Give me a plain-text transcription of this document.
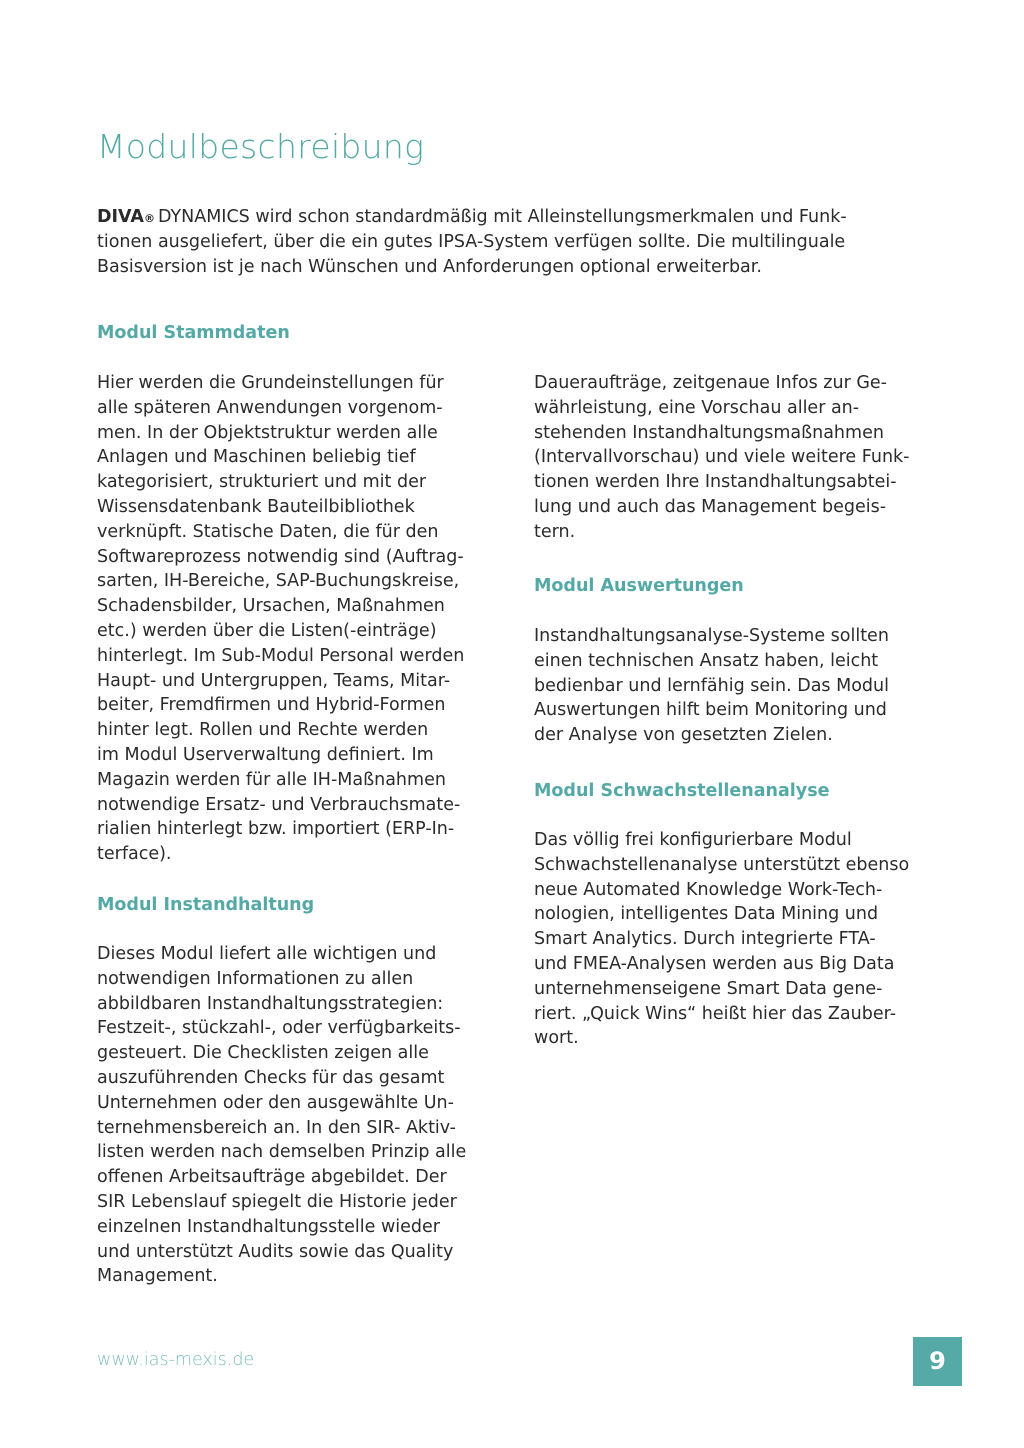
Modulbeschreibung

DIVA® DYNAMICS wird schon standardmäßig mit Alleinstellungsmerkmalen und Funk-
tionen ausgeliefert, über die ein gutes IPSA-System verfügen sollte. Die multilinguale
Basisversion ist je nach Wünschen und Anforderungen optional erweiterbar.

Modul Stammdaten

Hier werden die Grundeinstellungen für
alle späteren Anwendungen vorgenom-
men. In der Objektstruktur werden alle
Anlagen und Maschinen beliebig tief
kategorisiert, strukturiert und mit der
Wissensdatenbank Bauteilbibliothek
verknüpft. Statische Daten, die für den
Softwareprozess notwendig sind (Auftrag-
sarten, IH-Bereiche, SAP-Buchungskreise,
Schadensbilder, Ursachen, Maßnahmen
etc.) werden über die Listen(-einträge)
hinterlegt. Im Sub-Modul Personal werden
Haupt- und Untergruppen, Teams, Mitar-
beiter, Fremdfirmen und Hybrid-Formen
hinter legt. Rollen und Rechte werden
im Modul Userverwaltung definiert. Im
Magazin werden für alle IH-Maßnahmen
notwendige Ersatz- und Verbrauchsmate-
rialien hinterlegt bzw. importiert (ERP-In-
terface).

Modul Instandhaltung

Dieses Modul liefert alle wichtigen und
notwendigen Informationen zu allen
abbildbaren Instandhaltungsstrategien:
Festzeit-, stückzahl-, oder verfügbarkeits-
gesteuert. Die Checklisten zeigen alle
auszuführenden Checks für das gesamt
Unternehmen oder den ausgewählte Un-
ternehmensbereich an. In den SIR- Aktiv-
listen werden nach demselben Prinzip alle
offenen Arbeitsaufträge abgebildet. Der
SIR Lebenslauf spiegelt die Historie jeder
einzelnen Instandhaltungsstelle wieder
und unterstützt Audits sowie das Quality
Management.

Daueraufträge, zeitgenaue Infos zur Ge-
währleistung, eine Vorschau aller an-
stehenden Instandhaltungsmaßnahmen
(Intervallvorschau) und viele weitere Funk-
tionen werden Ihre Instandhaltungsabtei-
lung und auch das Management begeis-
tern.

Modul Auswertungen

Instandhaltungsanalyse-Systeme sollten
einen technischen Ansatz haben, leicht
bedienbar und lernfähig sein. Das Modul
Auswertungen hilft beim Monitoring und
der Analyse von gesetzten Zielen.

Modul Schwachstellenanalyse

Das völlig frei konfigurierbare Modul
Schwachstellenanalyse unterstützt ebenso
neue Automated Knowledge Work-Tech-
nologien, intelligentes Data Mining und
Smart Analytics. Durch integrierte FTA-
und FMEA-Analysen werden aus Big Data
unternehmenseigene Smart Data gene-
riert. „Quick Wins“ heißt hier das Zauber-
wort.

www.ias-mexis.de	9
